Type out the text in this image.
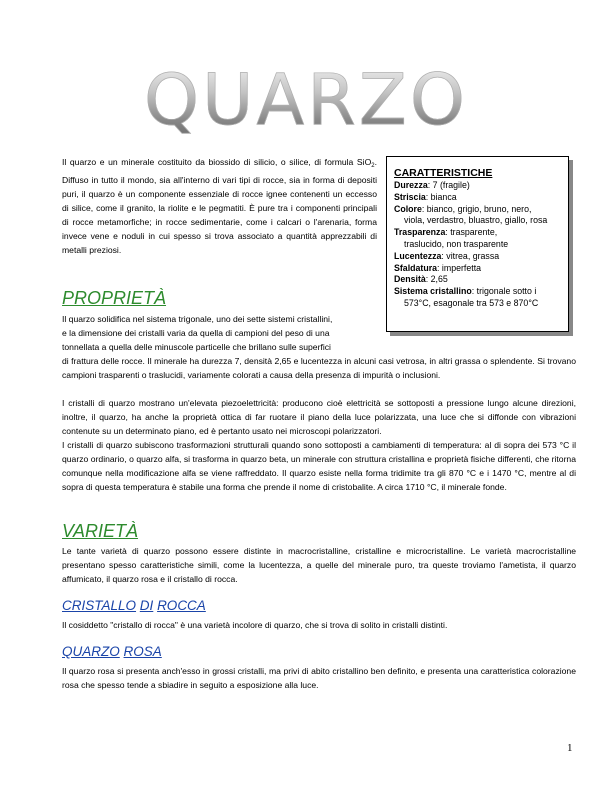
QUARZO

Il quarzo e un minerale costituito da biossido di silicio, o silice, di formula SiO$_2$. Diffuso in tutto il mondo, sia all'interno di vari tipi di rocce, sia in forma di depositi puri, il quarzo è un componente essenziale di rocce ignee contenenti un eccesso di silice, come il granito, la riolite e le pegmatiti. È pure tra i componenti principali di rocce metamorfiche; in rocce sedimentarie, come i calcari o l'arenaria, forma invece vene e noduli in cui spesso si trova associato a quantità apprezzabili di metalli preziosi.

CARATTERISTICHE

Durezza: 7 (fragile)

Striscia: bianca

Colore: bianco, grigio, bruno, nero,

viola, verdastro, bluastro, giallo, rosa

Trasparenza: trasparente,

traslucido, non trasparente

Lucentezza: vitrea, grassa

Sfaldatura: imperfetta

Densità: 2,65

Sistema cristallino: trigonale sotto i

573°C, esagonale tra 573 e 870°C

PROPRIETÀ

Il quarzo solidifica nel sistema trigonale, uno dei sette sistemi cristallini,

e la dimensione dei cristalli varia da quella di campioni del peso di una

tonnellata a quella delle minuscole particelle che brillano sulle superfici

di frattura delle rocce. Il minerale ha durezza 7, densità 2,65 e lucentezza in alcuni casi vetrosa, in altri grassa o splendente. Si trovano campioni trasparenti o traslucidi, variamente colorati a causa della presenza di impurità o inclusioni.

I cristalli di quarzo mostrano un'elevata piezoelettricità: producono cioè elettricità se sottoposti a pressione lungo alcune direzioni, inoltre, il quarzo, ha anche la proprietà ottica di far ruotare il piano della luce polarizzata, una luce che si diffonde con vibrazioni contenute su un determinato piano, ed è pertanto usato nei microscopi polarizzatori.

I cristalli di quarzo subiscono trasformazioni strutturali quando sono sottoposti a cambiamenti di temperatura: al di sopra dei 573 °C il quarzo ordinario, o quarzo alfa, si trasforma in quarzo beta, un minerale con struttura cristallina e proprietà fisiche differenti, che ritorna comunque nella modificazione alfa se viene raffreddato. Il quarzo esiste nella forma tridimite tra gli 870 °C e i 1470 °C, mentre al di sopra di questa temperatura è stabile una forma che prende il nome di cristobalite. A circa 1710 °C, il minerale fonde.

VARIETÀ

Le tante varietà di quarzo possono essere distinte in macrocristalline, cristalline e microcristalline. Le varietà macrocristalline presentano spesso caratteristiche simili, come la lucentezza, a quelle del minerale puro, tra queste troviamo l'ametista, il quarzo affumicato, il quarzo rosa e il cristallo di rocca.

CRISTALLO DI ROCCA

Il cosiddetto "cristallo di rocca" è una varietà incolore di quarzo, che si trova di solito in cristalli distinti.

QUARZO ROSA

Il quarzo rosa si presenta anch'esso in grossi cristalli, ma privi di abito cristallino ben definito, e presenta una caratteristica colorazione rosa che spesso tende a sbiadire in seguito a esposizione alla luce.

1
